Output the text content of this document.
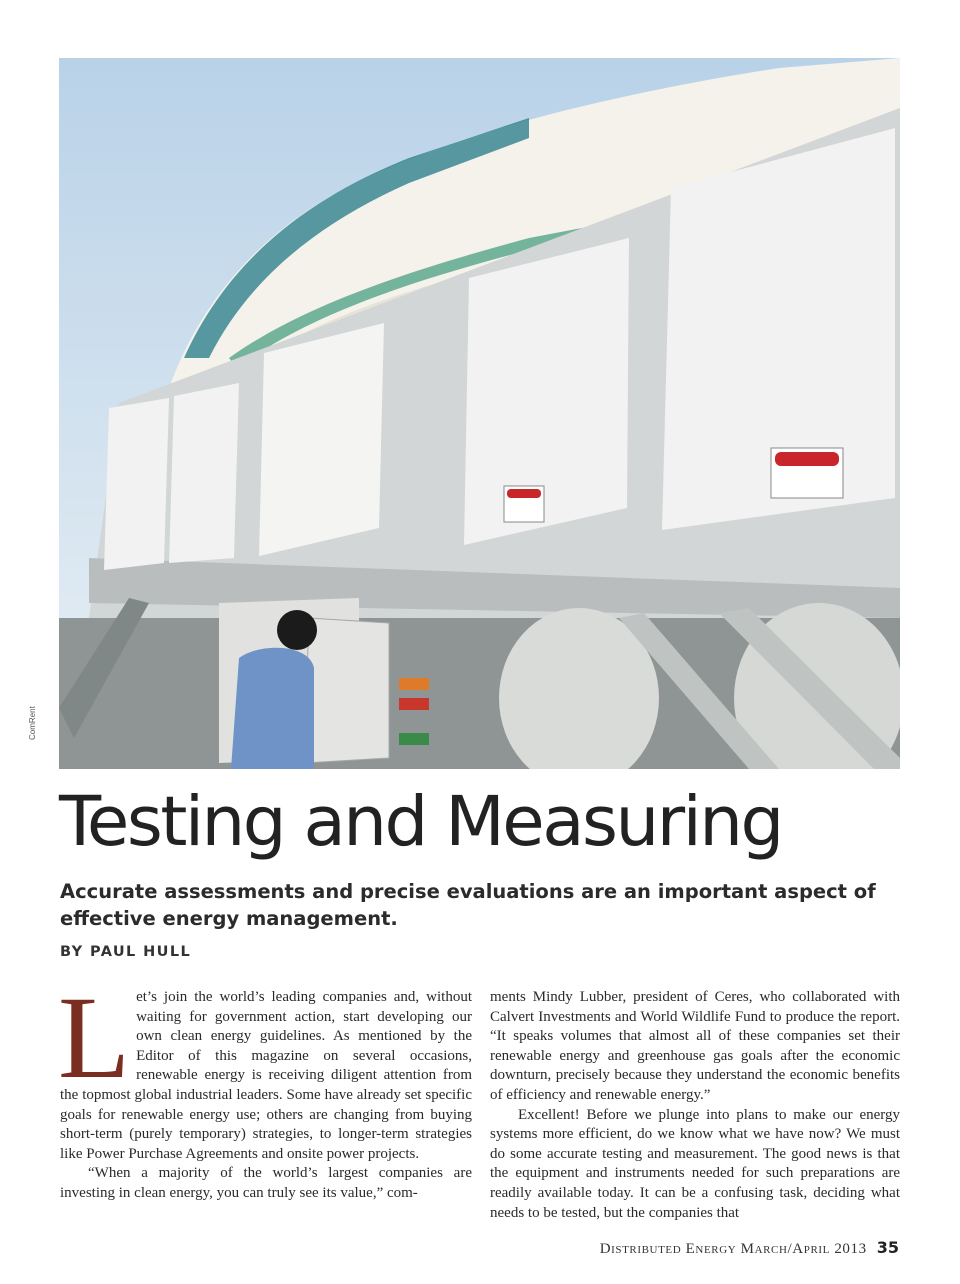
ComRent
Testing and Measuring

Accurate assessments and precise evaluations are an important aspect of effective energy management.

BY PAUL HULL

Let’s join the world’s leading companies and, without waiting for government action, start developing our own clean energy guidelines. As mentioned by the Editor of this magazine on several occasions, renewable energy is receiving diligent attention from the topmost global industrial leaders. Some have already set specific goals for renewable energy use; others are changing from buying short-term (purely temporary) strategies, to longer-term strategies like Power Purchase Agreements and onsite power projects.

“When a majority of the world’s largest companies are investing in clean energy, you can truly see its value,” com-

ments Mindy Lubber, president of Ceres, who collaborated with Calvert Investments and World Wildlife Fund to produce the report. “It speaks volumes that almost all of these companies set their renewable energy and greenhouse gas goals after the economic downturn, precisely because they understand the economic benefits of efficiency and renewable energy.”

Excellent! Before we plunge into plans to make our energy systems more efficient, do we know what we have now? We must do some accurate testing and measurement. The good news is that the equipment and instruments needed for such preparations are readily available today. It can be a confusing task, deciding what needs to be tested, but the companies that

Distributed Energy March/April 2013 35
